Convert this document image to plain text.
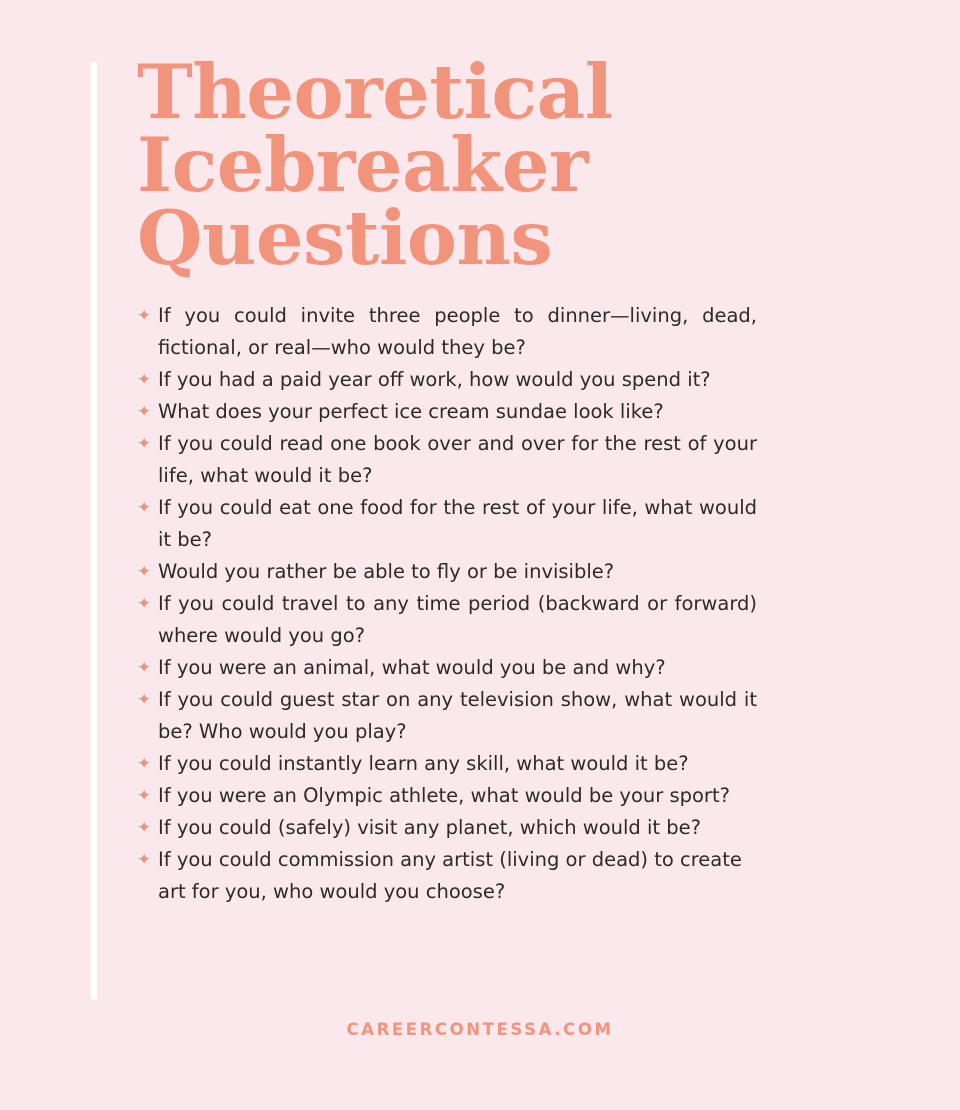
Theoretical Icebreaker Questions
✦ If you could invite three people to dinner—living, dead, fictional, or real—who would they be?
✦ If you had a paid year off work, how would you spend it?
✦ What does your perfect ice cream sundae look like?
✦ If you could read one book over and over for the rest of your life, what would it be?
✦ If you could eat one food for the rest of your life, what would it be?
✦ Would you rather be able to fly or be invisible?
✦ If you could travel to any time period (backward or forward) where would you go?
✦ If you were an animal, what would you be and why?
✦ If you could guest star on any television show, what would it be? Who would you play?
✦ If you could instantly learn any skill, what would it be?
✦ If you were an Olympic athlete, what would be your sport?
✦ If you could (safely) visit any planet, which would it be?
✦ If you could commission any artist (living or dead) to create art for you, who would you choose?
CAREERCONTESSA.COM
